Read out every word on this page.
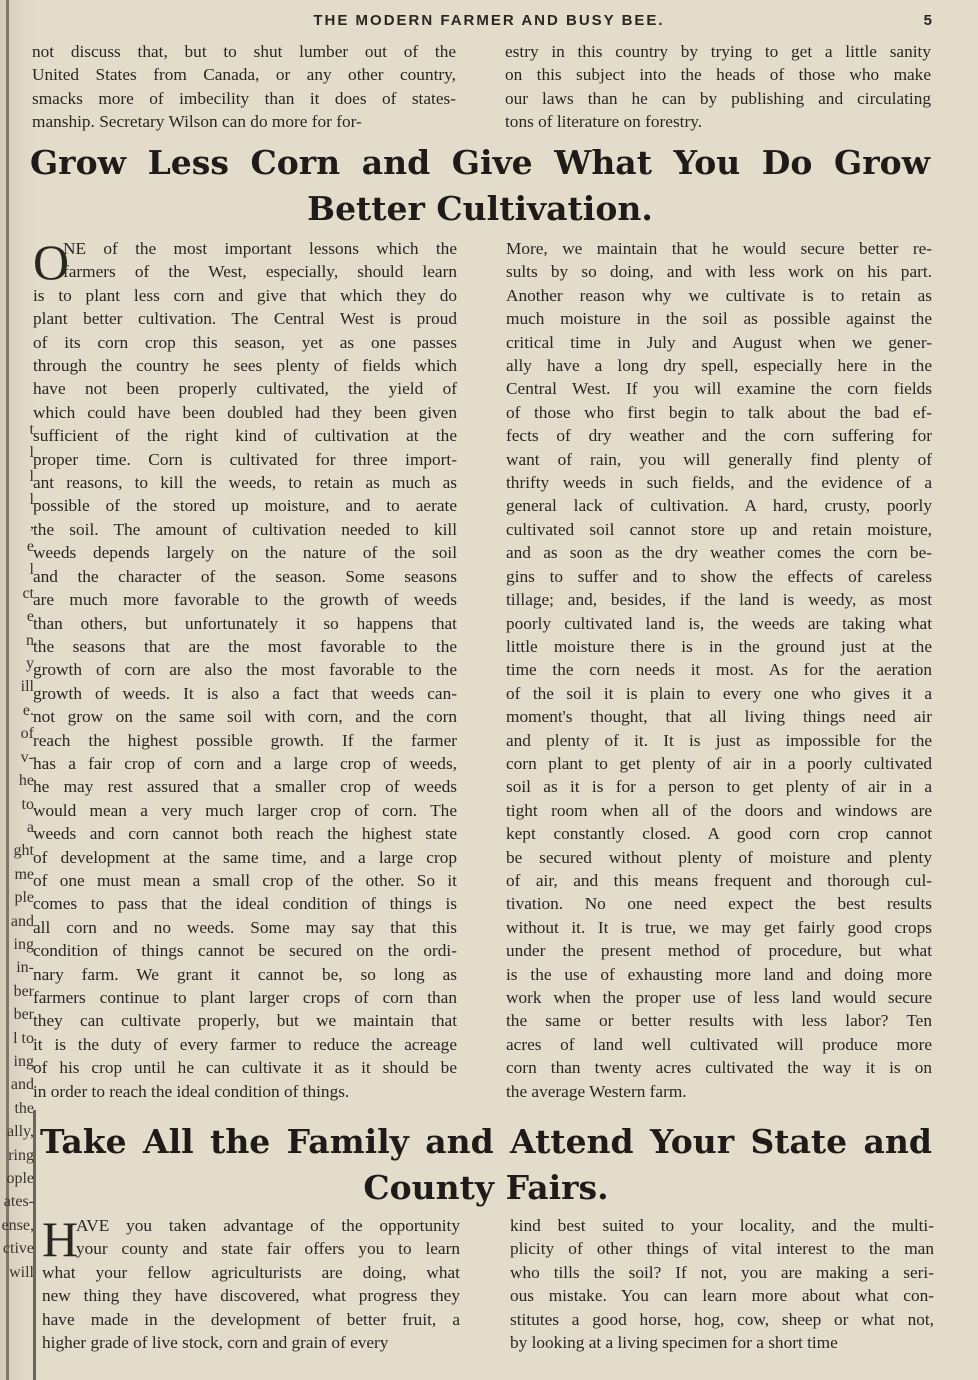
t
l
l
l
,
e
l
ct
e
n
y
ill
e.
of
v-
he
to
a
ght
me
ple
and
ing
in-
ber
ber
l to
ing
and
the
ally,
ring
ople
ates-
ense,
ctive
will
THE MODERN FARMER AND BUSY BEE.	5
not discuss that, but to shut lumber out of the
United States from Canada, or any other country,
smacks more of imbecility than it does of states-
manship. Secretary Wilson can do more for for-
estry in this country by trying to get a little sanity
on this subject into the heads of those who make
our laws than he can by publishing and circulating
tons of literature on forestry.
Grow Less Corn and Give What You Do Grow
Better Cultivation.
NE of the most important lessons which the
farmers of the West, especially, should learn
is to plant less corn and give that which they do
plant better cultivation. The Central West is proud
of its corn crop this season, yet as one passes
through the country he sees plenty of fields which
have not been properly cultivated, the yield of
which could have been doubled had they been given
sufficient of the right kind of cultivation at the
proper time. Corn is cultivated for three import-
ant reasons, to kill the weeds, to retain as much as
possible of the stored up moisture, and to aerate
the soil. The amount of cultivation needed to kill
weeds depends largely on the nature of the soil
and the character of the season. Some seasons
are much more favorable to the growth of weeds
than others, but unfortunately it so happens that
the seasons that are the most favorable to the
growth of corn are also the most favorable to the
growth of weeds. It is also a fact that weeds can-
not grow on the same soil with corn, and the corn
reach the highest possible growth. If the farmer
has a fair crop of corn and a large crop of weeds,
he may rest assured that a smaller crop of weeds
would mean a very much larger crop of corn. The
weeds and corn cannot both reach the highest state
of development at the same time, and a large crop
of one must mean a small crop of the other. So it
comes to pass that the ideal condition of things is
all corn and no weeds. Some may say that this
condition of things cannot be secured on the ordi-
nary farm. We grant it cannot be, so long as
farmers continue to plant larger crops of corn than
they can cultivate properly, but we maintain that
it is the duty of every farmer to reduce the acreage
of his crop until he can cultivate it as it should be
in order to reach the ideal condition of things.
O	More, we maintain that he would secure better re-
sults by so doing, and with less work on his part.
Another reason why we cultivate is to retain as
much moisture in the soil as possible against the
critical time in July and August when we gener-
ally have a long dry spell, especially here in the
Central West. If you will examine the corn fields
of those who first begin to talk about the bad ef-
fects of dry weather and the corn suffering for
want of rain, you will generally find plenty of
thrifty weeds in such fields, and the evidence of a
general lack of cultivation. A hard, crusty, poorly
cultivated soil cannot store up and retain moisture,
and as soon as the dry weather comes the corn be-
gins to suffer and to show the effects of careless
tillage; and, besides, if the land is weedy, as most
poorly cultivated land is, the weeds are taking what
little moisture there is in the ground just at the
time the corn needs it most. As for the aeration
of the soil it is plain to every one who gives it a
moment's thought, that all living things need air
and plenty of it. It is just as impossible for the
corn plant to get plenty of air in a poorly cultivated
soil as it is for a person to get plenty of air in a
tight room when all of the doors and windows are
kept constantly closed. A good corn crop cannot
be secured without plenty of moisture and plenty
of air, and this means frequent and thorough cul-
tivation. No one need expect the best results
without it. It is true, we may get fairly good crops
under the present method of procedure, but what
is the use of exhausting more land and doing more
work when the proper use of less land would secure
the same or better results with less labor? Ten
acres of land well cultivated will produce more
corn than twenty acres cultivated the way it is on
the average Western farm.
Take All the Family and Attend Your State and
County Fairs.
AVE you taken advantage of the opportunity
your county and state fair offers you to learn
what your fellow agriculturists are doing, what
new thing they have discovered, what progress they
have made in the development of better fruit, a
higher grade of live stock, corn and grain of every
H	kind best suited to your locality, and the multi-
plicity of other things of vital interest to the man
who tills the soil? If not, you are making a seri-
ous mistake. You can learn more about what con-
stitutes a good horse, hog, cow, sheep or what not,
by looking at a living specimen for a short time
